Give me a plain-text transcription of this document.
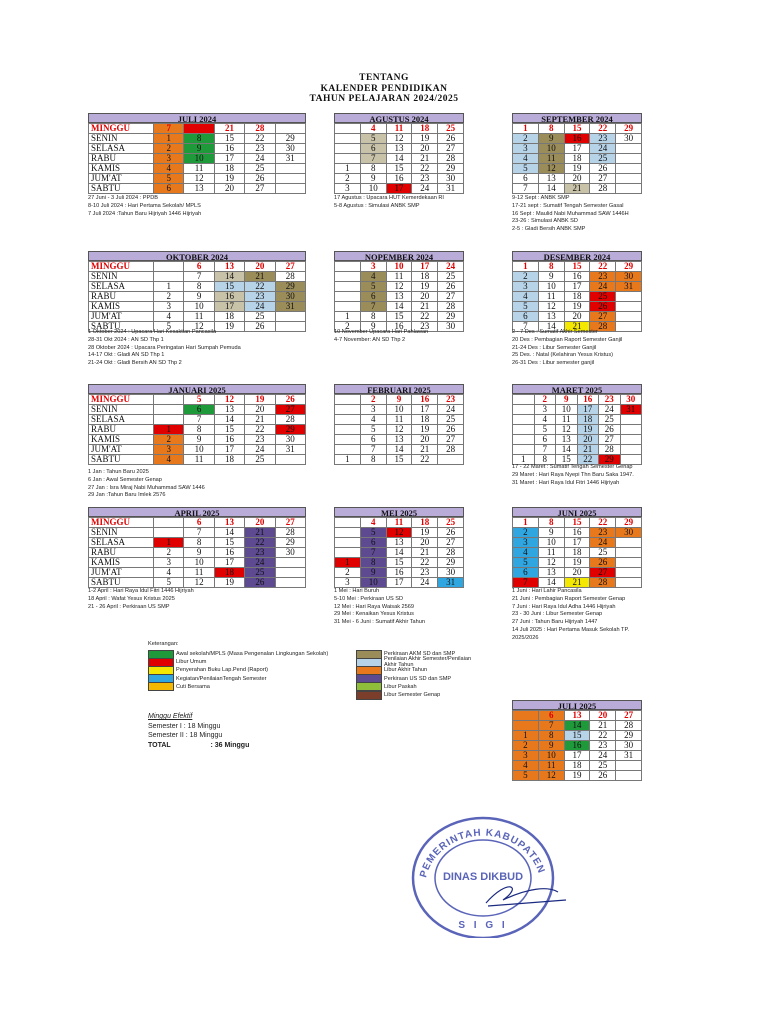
TENTANG
KALENDER PENDIDIKAN
TAHUN PELAJARAN 2024/2025
JULI 2024
MINGGU	7	14	21	28	
SENIN	1	8	15	22	29
SELASA	2	9	16	23	30
RABU	3	10	17	24	31
KAMIS	4	11	18	25	
JUM'AT	5	12	19	26	
SABTU	6	13	20	27	
AGUSTUS 2024
	4	11	18	25
	5	12	19	26
	6	13	20	27
	7	14	21	28
1	8	15	22	29
2	9	16	23	30
3	10	17	24	31
SEPTEMBER 2024
1	8	15	22	29
2	9	16	23	30
3	10	17	24	
4	11	18	25	
5	12	19	26	
6	13	20	27	
7	14	21	28	
OKTOBER 2024
MINGGU		6	13	20	27
SENIN		7	14	21	28
SELASA	1	8	15	22	29
RABU	2	9	16	23	30
KAMIS	3	10	17	24	31
JUM'AT	4	11	18	25	
SABTU	5	12	19	26	
NOPEMBER 2024
	3	10	17	24
	4	11	18	25
	5	12	19	26
	6	13	20	27
	7	14	21	28
1	8	15	22	29
2	9	16	23	30
DESEMBER 2024
1	8	15	22	29
2	9	16	23	30
3	10	17	24	31
4	11	18	25	
5	12	19	26	
6	13	20	27	
7	14	21	28	
JANUARI 2025
MINGGU		5	12	19	26
SENIN		6	13	20	27
SELASA		7	14	21	28
RABU	1	8	15	22	29
KAMIS	2	9	16	23	30
JUM'AT	3	10	17	24	31
SABTU	4	11	18	25	
FEBRUARI 2025
	2	9	16	23
	3	10	17	24
	4	11	18	25
	5	12	19	26
	6	13	20	27
	7	14	21	28
1	8	15	22	
MARET 2025
	2	9	16	23	30
	3	10	17	24	31
	4	11	18	25	
	5	12	19	26	
	6	13	20	27	
	7	14	21	28	
1	8	15	22	29	
APRIL 2025
MINGGU		6	13	20	27
SENIN		7	14	21	28
SELASA	1	8	15	22	29
RABU	2	9	16	23	30
KAMIS	3	10	17	24	
JUM'AT	4	11	18	25	
SABTU	5	12	19	26	
MEI 2025
	4	11	18	25
	5	12	19	26
	6	13	20	27
	7	14	21	28
1	8	15	22	29
2	9	16	23	30
3	10	17	24	31
JUNI 2025
1	8	15	22	29
2	9	16	23	30
3	10	17	24	
4	11	18	25	
5	12	19	26	
6	13	20	27	
7	14	21	28	
27 Juni - 3 Juli 2024 : PPDB
8-10 Juli 2024 : Hari Pertama Sekolah/ MPLS
7 Juli 2024 :Tahun Baru Hijriyah 1446 Hijriyah
17 Agustus : Upacara HUT Kemerdekaan RI
5-8 Agustus : Simulasi ANBK SMP
9-12 Sept : ANBK SMP
17-21 sept : Sumatif Tengah Semester Gasal
16 Sept : Maulid Nabi Muhammad SAW 1446H
23-26 : Simulasi ANBK SD
2-5 : Gladi Bersih ANBK SMP
1 Oktober 2024 : Upacara Hari Kesaktian Pancasila
28-31 Okt 2024 : AN SD Thp 1
28 Oktober 2024 : Upacara Peringatan Hari Sumpah Pemuda
14-17 Okt : Gladi AN SD Thp 1
21-24 Okt : Gladi Bersih AN SD Thp 2
10 November Upacara Hari Pahlawan
4-7 November: AN SD Thp 2
2 - 7 Des : Sumatif Akhir Semester
20 Des : Pembagian Raport Semester Ganjil
21-24 Des : Libur Semester Ganjil
25 Des. : Natal (Kelahiran Yesus Kristus)
26-31 Des : Libur semester ganjil
1 Jan : Tahun Baru 2025
6 Jan : Awal Semester Genap
27 Jan : Isra Miraj Nabi Muhammad SAW 1446
29 Jan :Tahun Baru Imlek 2576
17 - 22 Maret : Sumatif Tengah Semester Genap
29 Maret : Hari Raya Nyepi Thn Baru Saka 1947.
31 Maret : Hari Raya Idul Fitri 1446 Hijriyah
1-2 April : Hari Raya Idul Fitri 1446 Hijriyah
18 April : Wafat Yesus Kristus 2025
21 - 26 April : Perkiraan US SMP
1 Mei : Hari Buruh
5-10 Mei : Perkiraan US SD
12 Mei : Hari Raya Waisak 2569
29 Mei : Kenaikan Yesus Kristus
31 Mei - 6 Juni : Sumatif Akhir Tahun
1 Juni : Hari Lahir Pancasila
21 Juni : Pembagian Raport Semester Genap
7 Juni : Hari Raya Idul Adha 1446 Hijriyah
23 - 30 Juni : Libur Semester Genap
27 Juni : Tahun Baru Hijriyah 1447
14 Juli 2025 : Hari Pertama Masuk Sekolah TP.
2025/2026
Keterangan:
Awal sekolah/MPLS (Masa Pengenalan Lingkungan Sekolah)
Libur Umum
Penyerahan Buku Lap.Pend (Raport)
Kegiatan/PenilaianTengah Semester
Cuti Bersama
Perkiraan AKM SD dan SMP
Penilaian Akhir Semester/Penilaian Akhir Tahun
Libur Akhir Tahun
Perkiraan US SD dan SMP
Libur Paskah
Libur Semester Genap
Minggu Efektif
Semester I : 18 Minggu
Semester II : 18 Minggu
TOTAL	: 36 Minggu
JULI 2025
	6	13	20	27
	7	14	21	28
1	8	15	22	29
2	9	16	23	30
3	10	17	24	31
4	11	18	25	
5	12	19	26	
PEMERINTAH KABUPATEN
DINAS DIKBUD
S I G I
